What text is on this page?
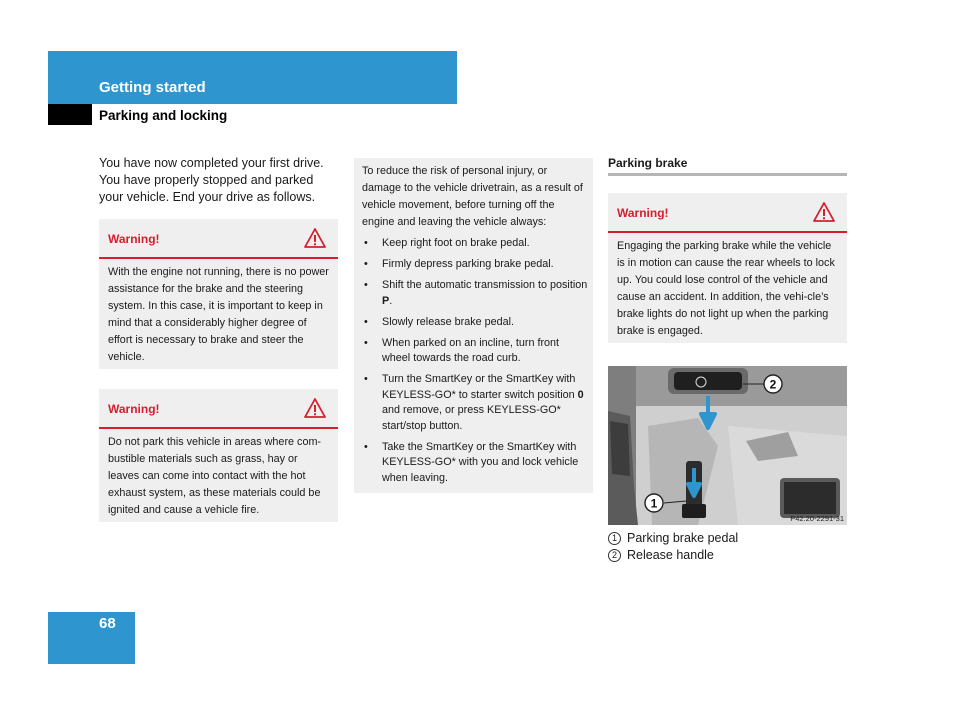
Getting started
Parking and locking
You have now completed your first drive. You have properly stopped and parked your vehicle. End your drive as follows.
Warning!
With the engine not running, there is no power assistance for the brake and the steering system. In this case, it is important to keep in mind that a considerably higher degree of effort is necessary to brake and steer the vehicle.
Warning!
Do not park this vehicle in areas where com-bustible materials such as grass, hay or leaves can come into contact with the hot exhaust system, as these materials could be ignited and cause a vehicle fire.
To reduce the risk of personal injury, or damage to the vehicle drivetrain, as a result of vehicle movement, before turning off the engine and leaving the vehicle always:
• Keep right foot on brake pedal.
• Firmly depress parking brake pedal.
• Shift the automatic transmission to position P.
• Slowly release brake pedal.
• When parked on an incline, turn front wheel towards the road curb.
• Turn the SmartKey or the SmartKey with KEYLESS-GO* to starter switch position 0 and remove, or press KEYLESS-GO* start/stop button.
• Take the SmartKey or the SmartKey with KEYLESS-GO* with you and lock vehicle when leaving.
Parking brake
Warning!
Engaging the parking brake while the vehicle is in motion can cause the rear wheels to lock up. You could lose control of the vehicle and cause an accident. In addition, the vehi-cle’s brake lights do not light up when the parking brake is engaged.
1
2
P42.20-2291-31
1 Parking brake pedal
2 Release handle
68
